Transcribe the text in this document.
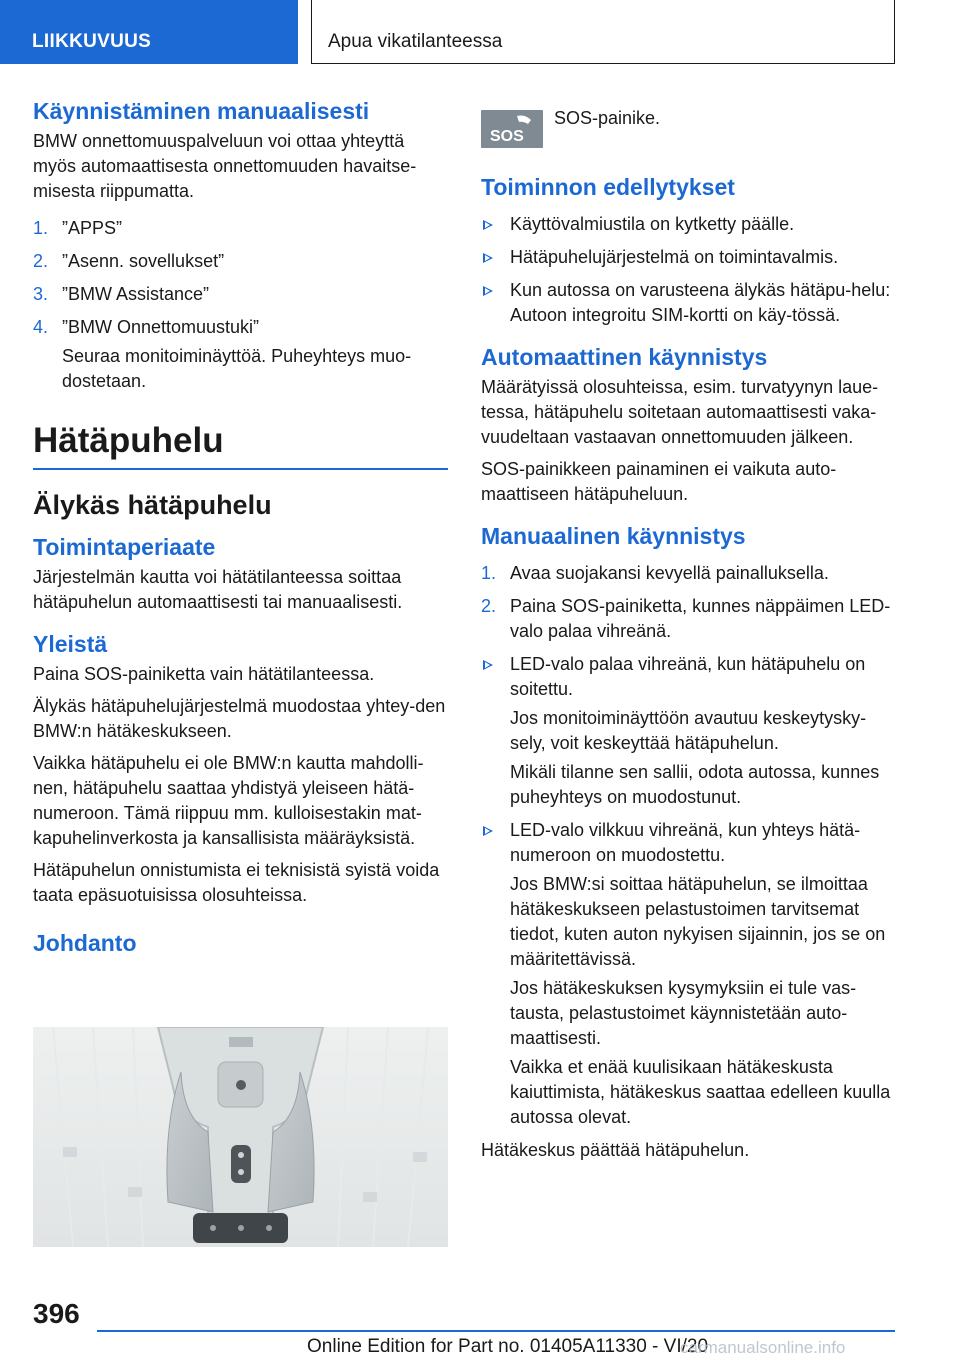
LIIKKUVUUS	Apua vikatilanteessa
Käynnistäminen manuaalisesti

BMW onnettomuuspalveluun voi ottaa yhteyttä myös automaattisesta onnettomuuden havaitse-misesta riippumatta.

1. ”APPS”
2. ”Asenn. sovellukset”
3. ”BMW Assistance”
4. ”BMW Onnettomuustuki”
Seuraa monitoiminäyttöä. Puheyhteys muo-dostetaan.
Hätäpuhelu
Älykäs hätäpuhelu
Toimintaperiaate

Järjestelmän kautta voi hätätilanteessa soittaa hätäpuhelun automaattisesti tai manuaalisesti.

Yleistä

Paina SOS-painiketta vain hätätilanteessa.

Älykäs hätäpuhelujärjestelmä muodostaa yhtey-den BMW:n hätäkeskukseen.

Vaikka hätäpuhelu ei ole BMW:n kautta mahdolli-nen, hätäpuhelu saattaa yhdistyä yleiseen hätä-numeroon. Tämä riippuu mm. kulloisestakin mat-kapuhelinverkosta ja kansallisista määräyksistä.

Hätäpuhelun onnistumista ei teknisistä syistä voida taata epäsuotuisissa olosuhteissa.

Johdanto
SOS
SOS-painike.
Toiminnon edellytykset
Käyttövalmiustila on kytketty päälle.
Hätäpuhelujärjestelmä on toimintavalmis.
Kun autossa on varusteena älykäs hätäpu-helu: Autoon integroitu SIM-kortti on käy-tössä.
Automaattinen käynnistys

Määrätyissä olosuhteissa, esim. turvatyynyn laue-tessa, hätäpuhelu soitetaan automaattisesti vaka-vuudeltaan vastaavan onnettomuuden jälkeen.

SOS-painikkeen painaminen ei vaikuta auto-maattiseen hätäpuheluun.

Manuaalinen käynnistys
1. Avaa suojakansi kevyellä painalluksella.
2. Paina SOS-painiketta, kunnes näppäimen LED-valo palaa vihreänä.
LED-valo palaa vihreänä, kun hätäpuhelu on soitettu.
Jos monitoiminäyttöön avautuu keskeytysky-sely, voit keskeyttää hätäpuhelun.
Mikäli tilanne sen sallii, odota autossa, kunnes puheyhteys on muodostunut.
LED-valo vilkkuu vihreänä, kun yhteys hätä-numeroon on muodostettu.
Jos BMW:si soittaa hätäpuhelun, se ilmoittaa hätäkeskukseen pelastustoimen tarvitsemat tiedot, kuten auton nykyisen sijainnin, jos se on määritettävissä.
Jos hätäkeskuksen kysymyksiin ei tule vas-tausta, pelastustoimet käynnistetään auto-maattisesti.
Vaikka et enää kuulisikaan hätäkeskusta kaiuttimista, hätäkeskus saattaa edelleen kuulla autossa olevat.

Hätäkeskus päättää hätäpuhelun.

396
Online Edition for Part no. 01405A11330 - VI/20
carmanualsonline.info
